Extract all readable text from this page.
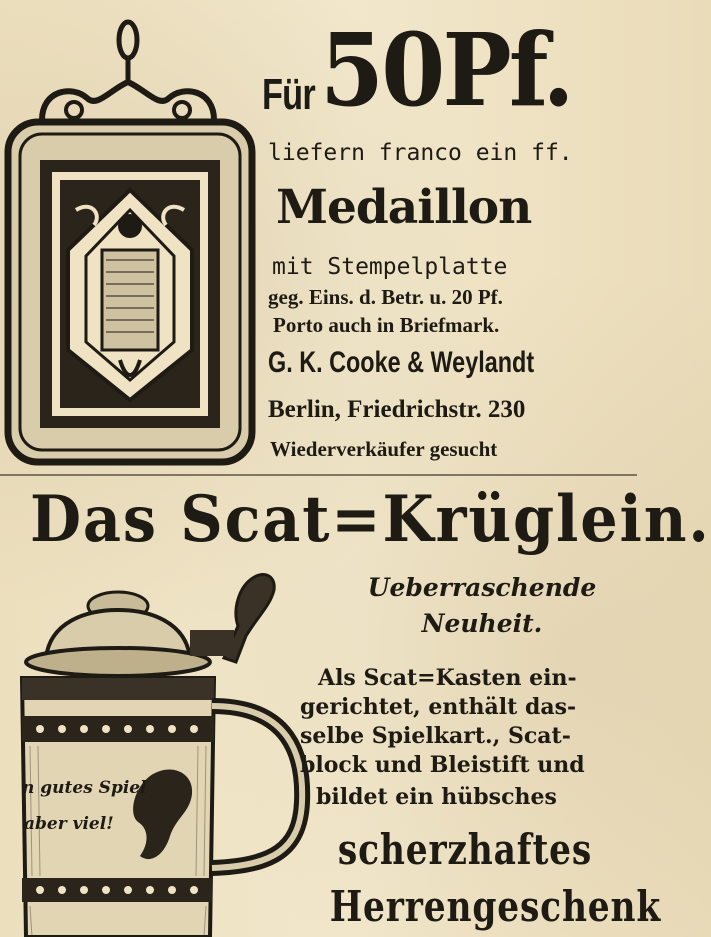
Für50Pf.
liefern franco ein ff.
Medaillon
mit Stempelplatte
geg. Eins. d. Betr. u. 20 Pf.
Porto auch in Briefmark.
G. K. Cooke & Weylandt
Berlin, Friedrichstr. 230
Wiederverkäufer gesucht
Das Scat=Krüglein.
n gutes Spiel
aber viel!
Ueberraschende
Neuheit.
Als Scat=Kasten ein-
gerichtet, enthält das-
selbe Spielkart., Scat-
block und Bleistift und
bildet ein hübsches
scherzhaftes
Herrengeschenk
